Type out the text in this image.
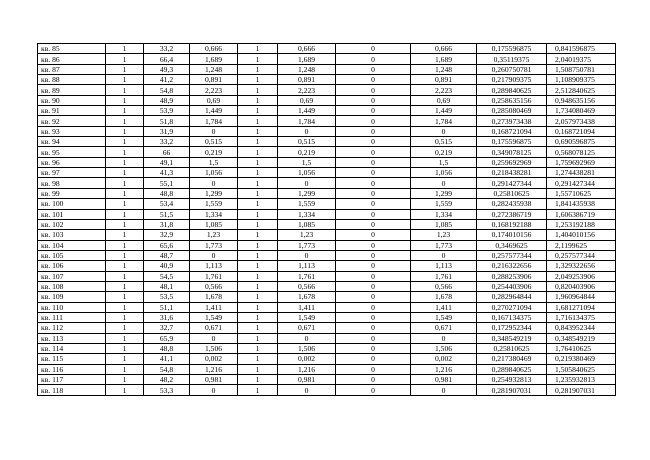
кв. 85	1	33,2	0,666	1	0,666	0	0,666	0,175596875	0,841596875
кв. 86	1	66,4	1,689	1	1,689	0	1,689	0,35119375	2,04019375
кв. 87	1	49,3	1,248	1	1,248	0	1,248	0,260750781	1,508750781
кв. 88	1	41,2	0,891	1	0,891	0	0,891	0,217909375	1,108909375
кв. 89	1	54,8	2,223	1	2,223	0	2,223	0,289840625	2,512840625
кв. 90	1	48,9	0,69	1	0,69	0	0,69	0,258635156	0,948635156
кв. 91	1	53,9	1,449	1	1,449	0	1,449	0,285080469	1,734080469
кв. 92	1	51,8	1,784	1	1,784	0	1,784	0,273973438	2,057973438
кв. 93	1	31,9	0	1	0	0	0	0,168721094	0,168721094
кв. 94	1	33,2	0,515	1	0,515	0	0,515	0,175596875	0,690596875
кв. 95	1	66	0,219	1	0,219	0	0,219	0,349078125	0,568078125
кв. 96	1	49,1	1,5	1	1,5	0	1,5	0,259692969	1,759692969
кв. 97	1	41,3	1,056	1	1,056	0	1,056	0,218438281	1,274438281
кв. 98	1	55,1	0	1	0	0	0	0,291427344	0,291427344
кв. 99	1	48,8	1,299	1	1,299	0	1,299	0,25810625	1,55710625
кв. 100	1	53,4	1,559	1	1,559	0	1,559	0,282435938	1,841435938
кв. 101	1	51,5	1,334	1	1,334	0	1,334	0,272386719	1,606386719
кв. 102	1	31,8	1,085	1	1,085	0	1,085	0,168192188	1,253192188
кв. 103	1	32,9	1,23	1	1,23	0	1,23	0,174010156	1,404010156
кв. 104	1	65,6	1,773	1	1,773	0	1,773	0,3469625	2,1199625
кв. 105	1	48,7	0	1	0	0	0	0,257577344	0,257577344
кв. 106	1	40,9	1,113	1	1,113	0	1,113	0,216322656	1,329322656
кв. 107	1	54,5	1,761	1	1,761	0	1,761	0,288253906	2,049253906
кв. 108	1	48,1	0,566	1	0,566	0	0,566	0,254403906	0,820403906
кв. 109	1	53,5	1,678	1	1,678	0	1,678	0,282964844	1,960964844
кв. 110	1	51,1	1,411	1	1,411	0	1,411	0,270271094	1,681271094
кв. 111	1	31,6	1,549	1	1,549	0	1,549	0,167134375	1,716134375
кв. 112	1	32,7	0,671	1	0,671	0	0,671	0,172952344	0,843952344
кв. 113	1	65,9	0	1	0	0	0	0,348549219	0,348549219
кв. 114	1	48,8	1,506	1	1,506	0	1,506	0,25810625	1,76410625
кв. 115	1	41,1	0,002	1	0,002	0	0,002	0,217380469	0,219380469
кв. 116	1	54,8	1,216	1	1,216	0	1,216	0,289840625	1,505840625
кв. 117	1	48,2	0,981	1	0,981	0	0,981	0,254932813	1,235932813
кв. 118	1	53,3	0	1	0	0	0	0,281907031	0,281907031
